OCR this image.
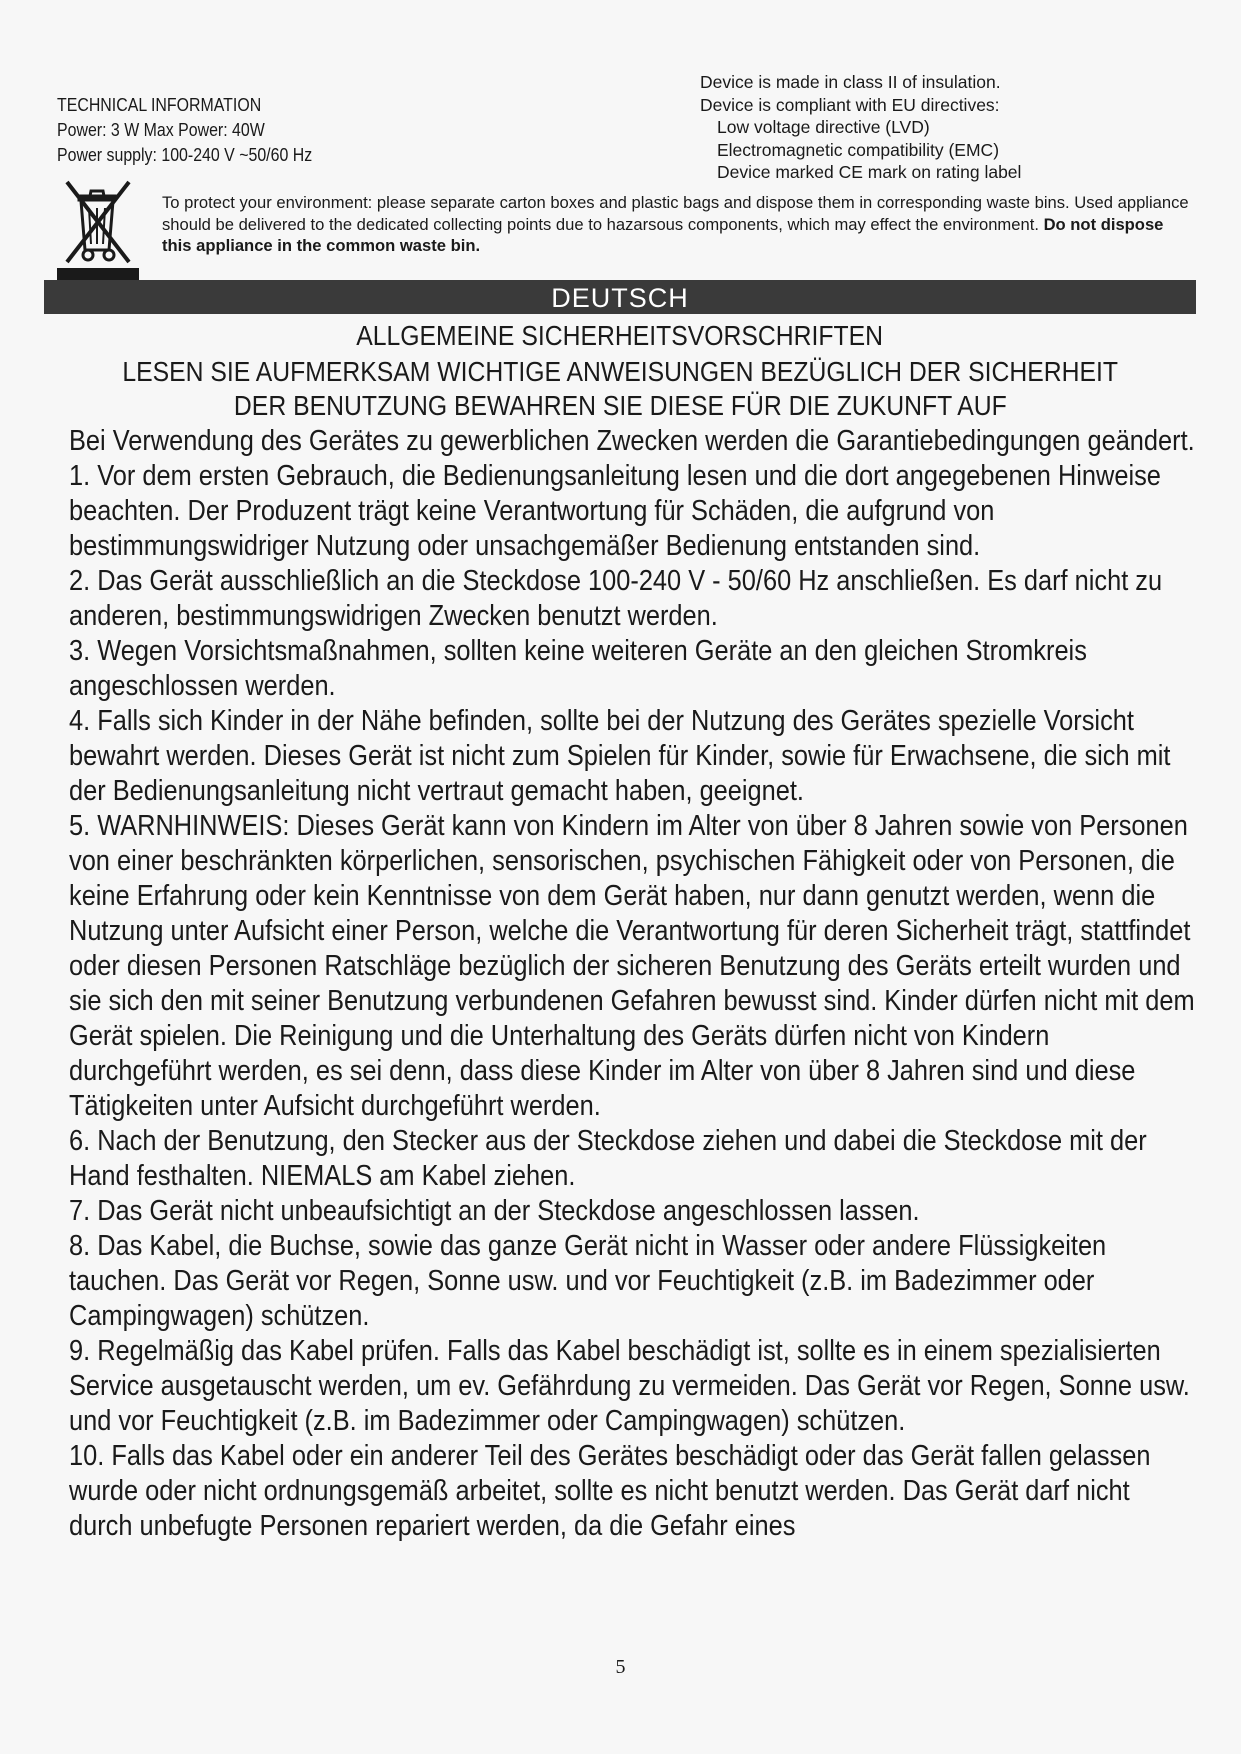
TECHNICAL INFORMATION
Power: 3 W Max Power: 40W
Power supply: 100-240 V ~50/60 Hz
Device is made in class II of insulation.
Device is compliant with EU directives:
Low voltage directive (LVD)
Electromagnetic compatibility (EMC)
Device marked CE mark on rating label
To protect your environment: please separate carton boxes and plastic bags and dispose them in corresponding waste bins. Used appliance should be delivered to the dedicated collecting points due to hazarsous components, which may effect the environment. Do not dispose this appliance in the common waste bin.
DEUTSCH
ALLGEMEINE SICHERHEITSVORSCHRIFTEN
LESEN SIE AUFMERKSAM WICHTIGE ANWEISUNGEN BEZÜGLICH DER SICHERHEIT
DER BENUTZUNG BEWAHREN SIE DIESE FÜR DIE ZUKUNFT AUF

Bei Verwendung des Gerätes zu gewerblichen Zwecken werden die Garantiebedingungen geändert.

1. Vor dem ersten Gebrauch, die Bedienungsanleitung lesen und die dort angegebenen Hinweise beachten. Der Produzent trägt keine Verantwortung für Schäden, die aufgrund von bestimmungswidriger Nutzung oder unsachgemäßer Bedienung entstanden sind.

2. Das Gerät ausschließlich an die Steckdose 100-240 V - 50/60 Hz anschließen. Es darf nicht zu anderen, bestimmungswidrigen Zwecken benutzt werden.

3. Wegen Vorsichtsmaßnahmen, sollten keine weiteren Geräte an den gleichen Stromkreis angeschlossen werden.

4. Falls sich Kinder in der Nähe befinden, sollte bei der Nutzung des Gerätes spezielle Vorsicht bewahrt werden. Dieses Gerät ist nicht zum Spielen für Kinder, sowie für Erwachsene, die sich mit der Bedienungsanleitung nicht vertraut gemacht haben, geeignet.

5. WARNHINWEIS: Dieses Gerät kann von Kindern im Alter von über 8 Jahren sowie von Personen von einer beschränkten körperlichen, sensorischen, psychischen Fähigkeit oder von Personen, die keine Erfahrung oder kein Kenntnisse von dem Gerät haben, nur dann genutzt werden, wenn die Nutzung unter Aufsicht einer Person, welche die Verantwortung für deren Sicherheit trägt, stattfindet oder diesen Personen Ratschläge bezüglich der sicheren Benutzung des Geräts erteilt wurden und sie sich den mit seiner Benutzung verbundenen Gefahren bewusst sind. Kinder dürfen nicht mit dem Gerät spielen. Die Reinigung und die Unterhaltung des Geräts dürfen nicht von Kindern durchgeführt werden, es sei denn, dass diese Kinder im Alter von über 8 Jahren sind und diese Tätigkeiten unter Aufsicht durchgeführt werden.

6. Nach der Benutzung, den Stecker aus der Steckdose ziehen und dabei die Steckdose mit der Hand festhalten. NIEMALS am Kabel ziehen.

7. Das Gerät nicht unbeaufsichtigt an der Steckdose angeschlossen lassen.

8. Das Kabel, die Buchse, sowie das ganze Gerät nicht in Wasser oder andere Flüssigkeiten tauchen. Das Gerät vor Regen, Sonne usw. und vor Feuchtigkeit (z.B. im Badezimmer oder Campingwagen) schützen.

9. Regelmäßig das Kabel prüfen. Falls das Kabel beschädigt ist, sollte es in einem spezialisierten Service ausgetauscht werden, um ev. Gefährdung zu vermeiden. Das Gerät vor Regen, Sonne usw. und vor Feuchtigkeit (z.B. im Badezimmer oder Campingwagen) schützen.

10. Falls das Kabel oder ein anderer Teil des Gerätes beschädigt oder das Gerät fallen gelassen wurde oder nicht ordnungsgemäß arbeitet, sollte es nicht benutzt werden. Das Gerät darf nicht durch unbefugte Personen repariert werden, da die Gefahr eines

5
